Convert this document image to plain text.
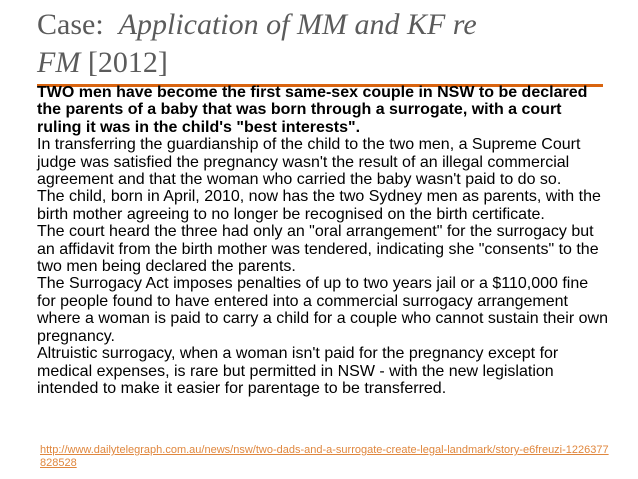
Case: Application of MM and KF re
FM [2012]

TWO men have become the first same-sex couple in NSW to be declared the parents of a baby that was born through a surrogate, with a court ruling it was in the child's "best interests".

In transferring the guardianship of the child to the two men, a Supreme Court judge was satisfied the pregnancy wasn't the result of an illegal commercial agreement and that the woman who carried the baby wasn't paid to do so.

The child, born in April, 2010, now has the two Sydney men as parents, with the birth mother agreeing to no longer be recognised on the birth certificate.

The court heard the three had only an "oral arrangement" for the surrogacy but an affidavit from the birth mother was tendered, indicating she "consents" to the two men being declared the parents.

The Surrogacy Act imposes penalties of up to two years jail or a $110,000 fine for people found to have entered into a commercial surrogacy arrangement where a woman is paid to carry a child for a couple who cannot sustain their own pregnancy.

Altruistic surrogacy, when a woman isn't paid for the pregnancy except for medical expenses, is rare but permitted in NSW - with the new legislation intended to make it easier for parentage to be transferred.

http://www.dailytelegraph.com.au/news/nsw/two-dads-and-a-surrogate-create-legal-landmark/story-e6freuzi-1226377828528
